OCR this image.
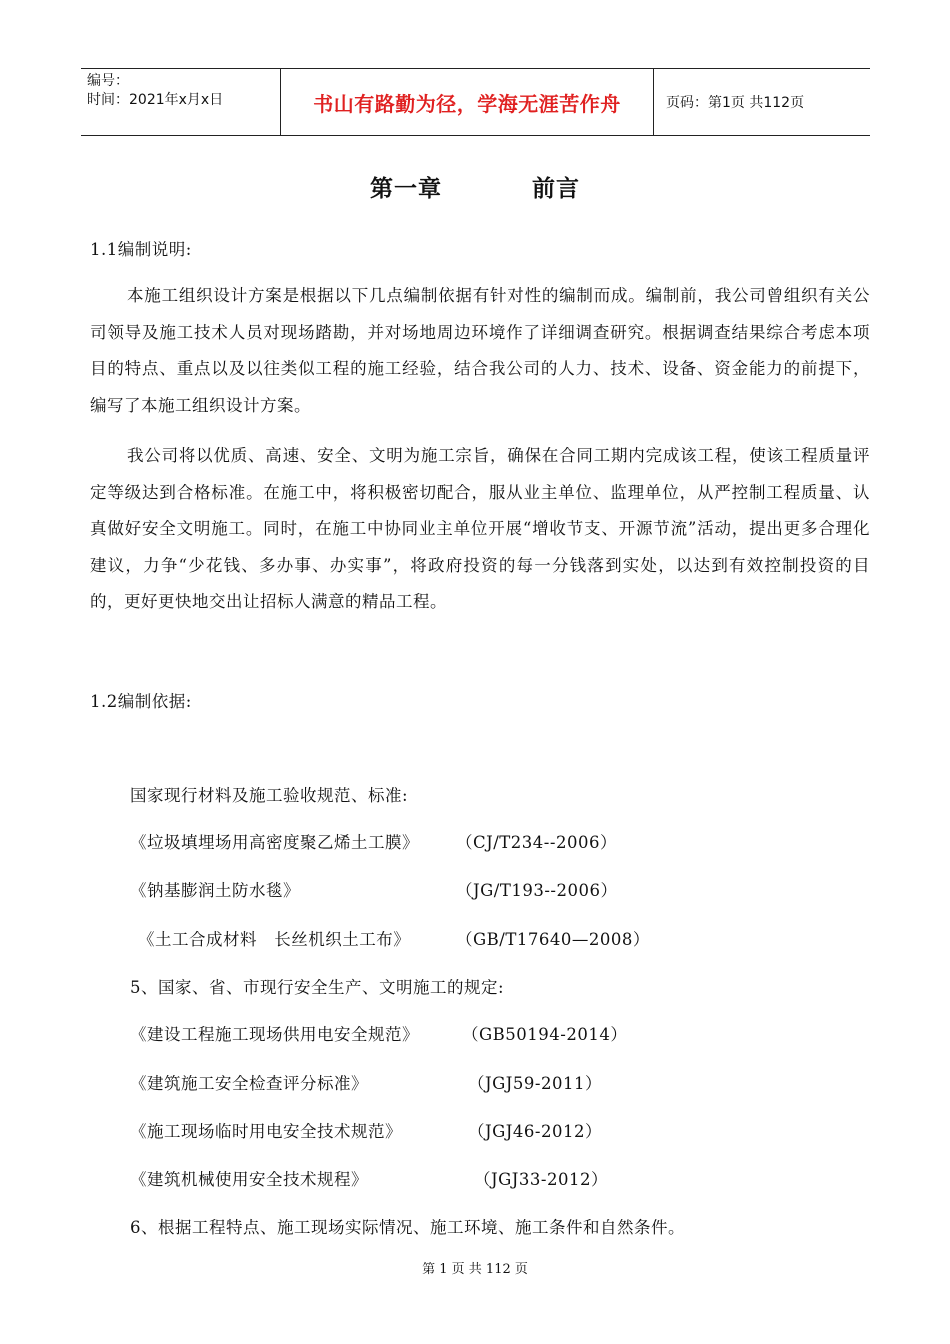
编号：
时间：2021年x月x日	书山有路勤为径，学海无涯苦作舟	页码：第1页 共112页
第一章          前言
1.1编制说明:
本施工组织设计方案是根据以下几点编制依据有针对性的编制而成。编制前，我公司曾组织有关公司领导及施工技术人员对现场踏勘，并对场地周边环境作了详细调查研究。根据调查结果综合考虑本项目的特点、重点以及以往类似工程的施工经验，结合我公司的人力、技术、设备、资金能力的前提下，编写了本施工组织设计方案。
我公司将以优质、高速、安全、文明为施工宗旨，确保在合同工期内完成该工程，使该工程质量评定等级达到合格标准。在施工中，将积极密切配合，服从业主单位、监理单位，从严控制工程质量、认真做好安全文明施工。同时，在施工中协同业主单位开展“增收节支、开源节流”活动，提出更多合理化建议，力争“少花钱、多办事、办实事”，将政府投资的每一分钱落到实处，以达到有效控制投资的目的，更好更快地交出让招标人满意的精品工程。
1.2编制依据:
国家现行材料及施工验收规范、标准:
《垃圾填埋场用高密度聚乙烯土工膜》 （CJ/T234--2006）
《钠基膨润土防水毯》	（JG/T193--2006）
《土工合成材料   长丝机织土工布》	（GB/T17640—2008）
5、国家、省、市现行安全生产、文明施工的规定:
《建设工程施工现场供用电安全规范》	（GB50194-2014）
《建筑施工安全检查评分标准》	（JGJ59-2011）
《施工现场临时用电安全技术规范》	（JGJ46-2012）
《建筑机械使用安全技术规程》	（JGJ33-2012）
6、根据工程特点、施工现场实际情况、施工环境、施工条件和自然条件。
第 1 页 共 112 页
